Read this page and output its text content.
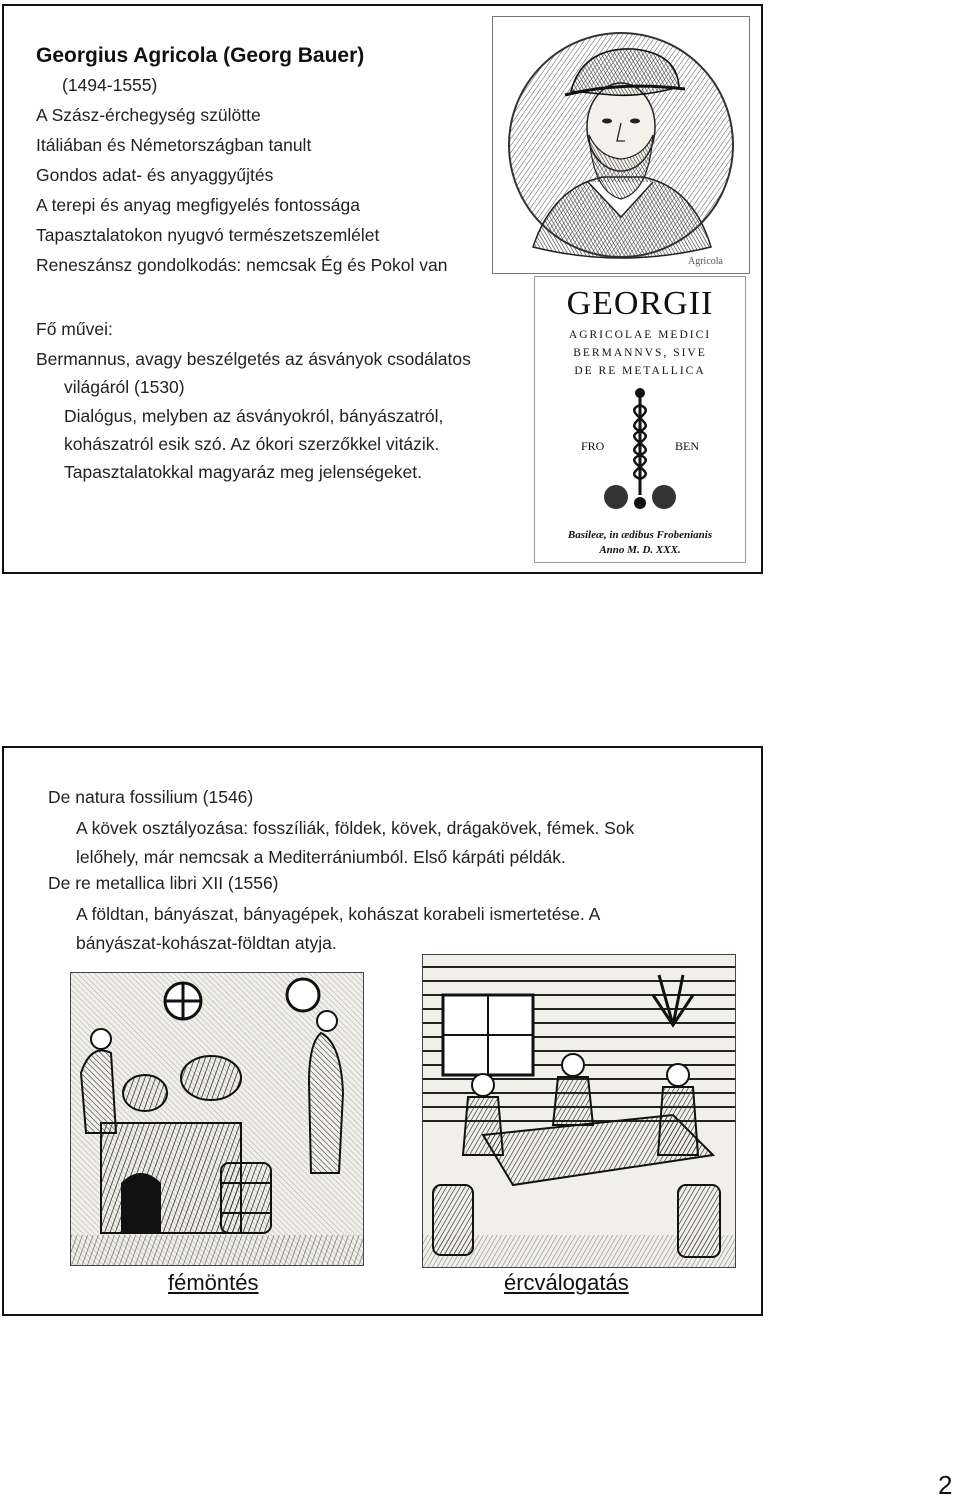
Georgius Agricola (Georg Bauer)
(1494-1555)
A Szász-érchegység szülötte
Itáliában és Németországban tanult
Gondos adat- és anyaggyűjtés
A terepi és anyag megfigyelés fontossága
Tapasztalatokon nyugvó természetszemlélet
Reneszánsz gondolkodás: nemcsak Ég és Pokol van
Fő művei:
Bermannus, avagy beszélgetés az ásványok csodálatos
világáról (1530)
Dialógus, melyben az ásványokról, bányászatról,
kohászatról esik szó. Az ókori szerzőkkel vitázik.
Tapasztalatokkal magyaráz meg jelenségeket.
Agricola
GEORGII
AGRICOLAE MEDICI
BERMANNVS, SIVE
DE RE METALLICA
FRO	BEN
Basileæ, in ædibus Frobenianis
Anno M. D. XXX.
De natura fossilium (1546)
A kövek osztályozása: fosszíliák, földek, kövek, drágakövek, fémek. Sok lelőhely, már nemcsak a Mediterrániumból. Első kárpáti példák.
De re metallica libri XII (1556)
A földtan, bányászat, bányagépek, kohászat korabeli ismertetése. A bányászat-kohászat-földtan atyja.
fémöntés	ércválogatás
2
